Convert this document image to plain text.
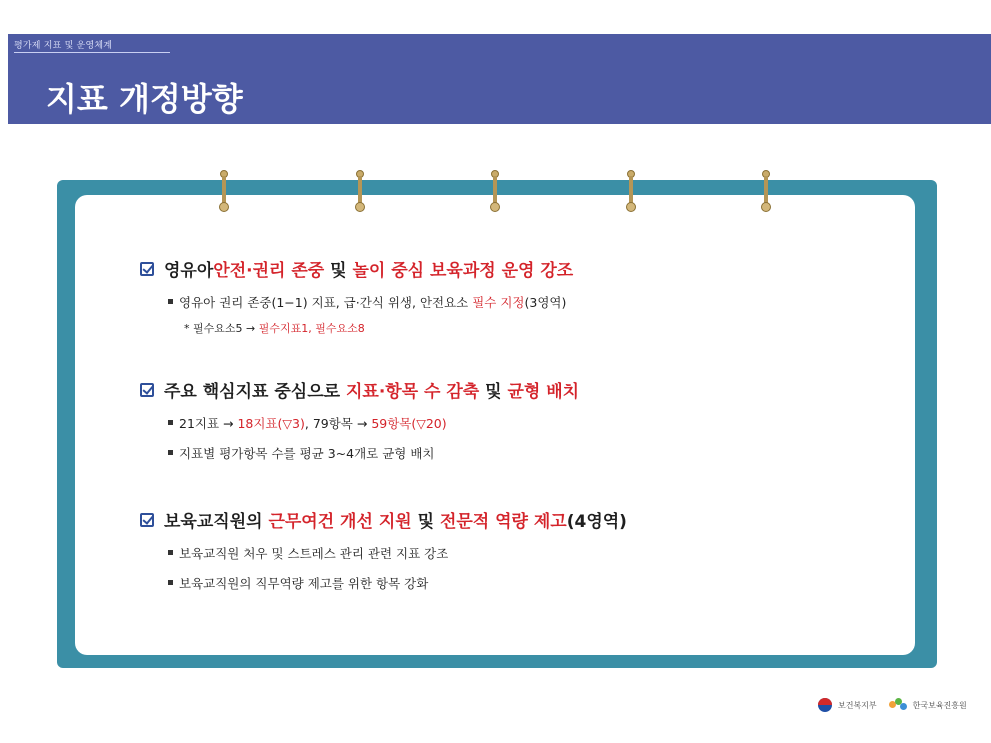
평가제 지표 및 운영체계
지표 개정방향
영유아 안전·권리 존중 및 놀이 중심 보육과정 운영 강조
영유아 권리 존중(1−1) 지표, 급·간식 위생, 안전요소 필수 지정(3영역)
* 필수요소5 → 필수지표1, 필수요소8
주요 핵심지표 중심으로 지표·항목 수 감축 및 균형 배치
21지표 → 18지표(▽3), 79항목 → 59항목(▽20)
지표별 평가항목 수를 평균 3~4개로 균형 배치
보육교직원의 근무여건 개선 지원 및 전문적 역량 제고 (4영역)
보육교직원 처우 및 스트레스 관리 관련 지표 강조
보육교직원의 직무역량 제고를 위한 항목 강화
보건복지부	한국보육진흥원
